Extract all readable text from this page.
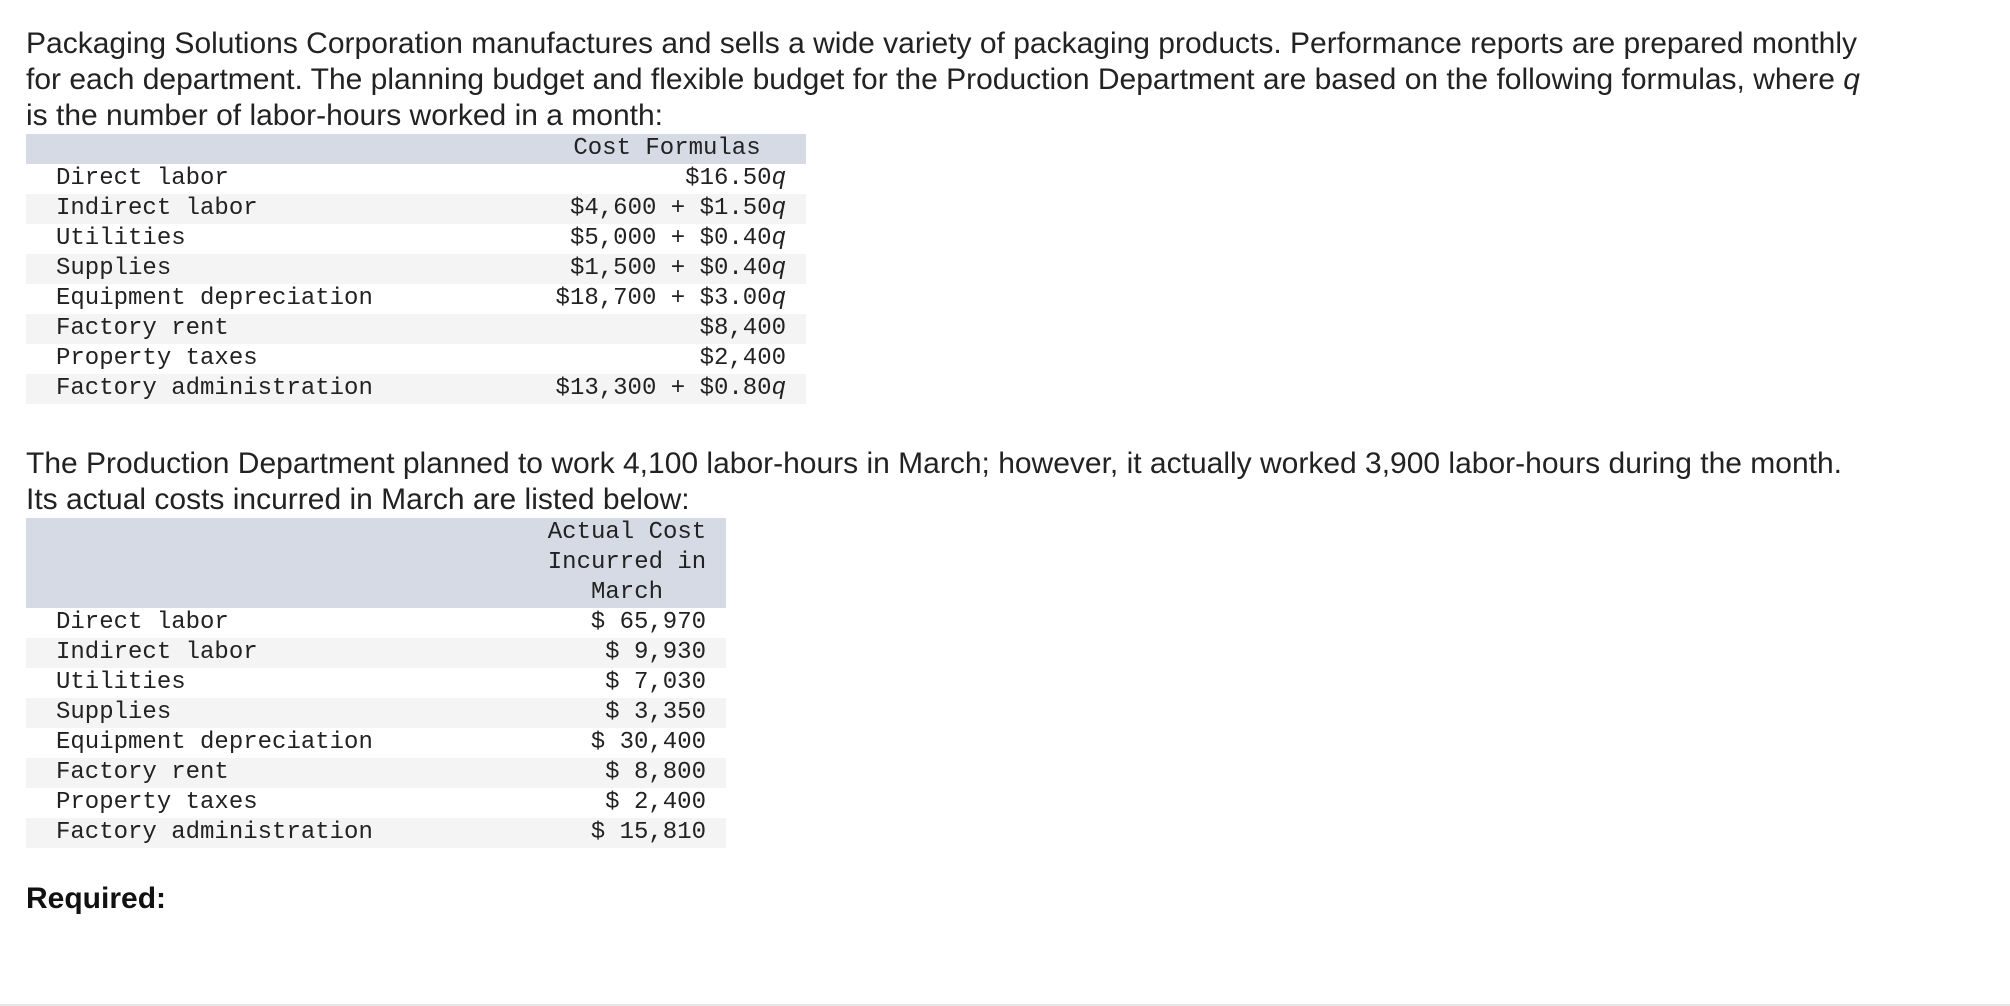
Packaging Solutions Corporation manufactures and sells a wide variety of packaging products. Performance reports are prepared monthly for each department. The planning budget and flexible budget for the Production Department are based on the following formulas, where q is the number of labor-hours worked in a month:

	Cost Formulas
Direct labor	$16.50q
Indirect labor	$4,600 + $1.50q
Utilities	$5,000 + $0.40q
Supplies	$1,500 + $0.40q
Equipment depreciation	$18,700 + $3.00q
Factory rent	$8,400
Property taxes	$2,400
Factory administration	$13,300 + $0.80q

The Production Department planned to work 4,100 labor-hours in March; however, it actually worked 3,900 labor-hours during the month. Its actual costs incurred in March are listed below:

	Actual Cost Incurred in March
Direct labor	$ 65,970
Indirect labor	$ 9,930
Utilities	$ 7,030
Supplies	$ 3,350
Equipment depreciation	$ 30,400
Factory rent	$ 8,800
Property taxes	$ 2,400
Factory administration	$ 15,810
Required:
